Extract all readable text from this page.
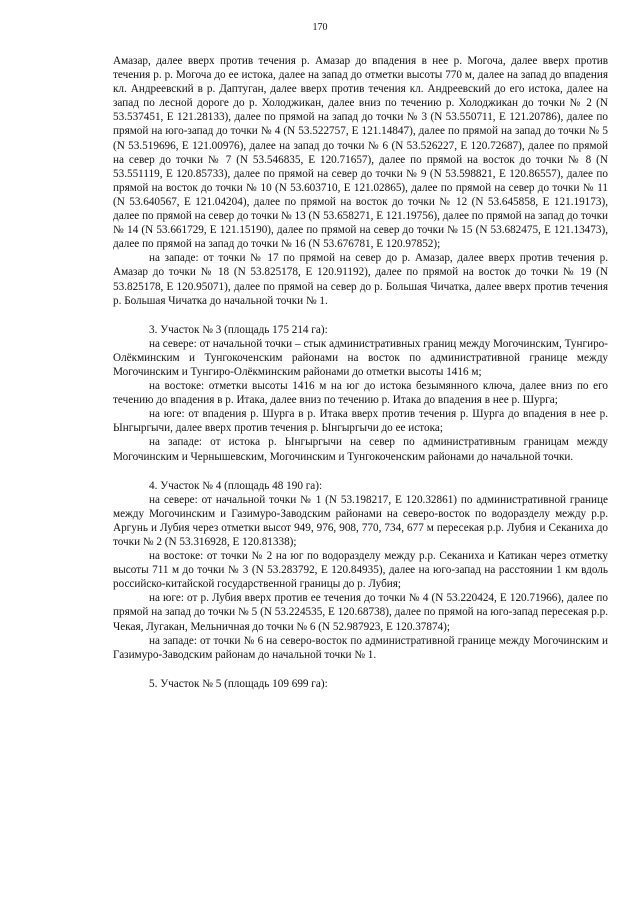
170

Амазар, далее вверх против течения р. Амазар до впадения в нее р. Могоча, далее вверх против течения р. р. Могоча до ее истока, далее на запад до отметки высоты 770 м, далее на запад до впадения кл. Андреевский в р. Даптуган, далее вверх против течения кл. Андреевский до его истока, далее на запад по лесной дороге до р. Холоджикан, далее вниз по течению р. Холоджикан до точки № 2 (N 53.537451, E 121.28133), далее по прямой на запад до точки № 3 (N 53.550711, E 121.20786), далее по прямой на юго-запад до точки № 4 (N 53.522757, E 121.14847), далее по прямой на запад до точки № 5 (N 53.519696, E 121.00976), далее на запад до точки № 6 (N 53.526227, E 120.72687), далее по прямой на север до точки № 7 (N 53.546835, E 120.71657), далее по прямой на восток до точки № 8 (N 53.551119, E 120.85733), далее по прямой на север до точки № 9 (N 53.598821, E 120.86557), далее по прямой на восток до точки № 10 (N 53.603710, E 121.02865), далее по прямой на север до точки № 11 (N 53.640567, E 121.04204), далее по прямой на восток до точки № 12 (N 53.645858, E 121.19173), далее по прямой на север до точки № 13 (N 53.658271, E 121.19756), далее по прямой на запад до точки № 14 (N 53.661729, E 121.15190), далее по прямой на север до точки № 15 (N 53.682475, E 121.13473), далее по прямой на запад до точки № 16 (N 53.676781, E 120.97852);

на западе: от точки № 17 по прямой на север до р. Амазар, далее вверх против течения р. Амазар до точки № 18 (N 53.825178, E 120.91192), далее по прямой на восток до точки № 19 (N 53.825178, E 120.95071), далее по прямой на север до р. Большая Чичатка, далее вверх против течения р. Большая Чичатка до начальной точки № 1.

3. Участок № 3 (площадь 175 214 га):

на севере: от начальной точки – стык административных границ между Могочинским, Тунгиро-Олёкминским и Тунгокоченским районами на восток по административной границе между Могочинским и Тунгиро-Олёкминским районами до отметки высоты 1416 м;

на востоке: отметки высоты 1416 м на юг до истока безымянного ключа, далее вниз по его течению до впадения в р. Итака, далее вниз по течению р. Итака до впадения в нее р. Шурга;

на юге: от впадения р. Шурга в р. Итака вверх против течения р. Шурга до впадения в нее р. Ынгыргычи, далее вверх против течения р. Ынгыргычи до ее истока;

на западе: от истока р. Ынгыргычи на север по административным границам между Могочинским и Чернышевским, Могочинским и Тунгокоченским районами до начальной точки.

4. Участок № 4 (площадь 48 190 га):

на севере: от начальной точки № 1 (N 53.198217, E 120.32861) по административной границе между Могочинским и Газимуро-Заводским районами на северо-восток по водоразделу между р.р. Аргунь и Лубия через отметки высот 949, 976, 908, 770, 734, 677 м пересекая р.р. Лубия и Секаниха до точки № 2 (N 53.316928, E 120.81338);

на востоке: от точки № 2 на юг по водоразделу между р.р. Секаниха и Катикан через отметку высоты 711 м до точки № 3 (N 53.283792, E 120.84935), далее на юго-запад на расстоянии 1 км вдоль российско-китайской государственной границы до р. Лубия;

на юге: от р. Лубия вверх против ее течения до точки № 4 (N 53.220424, E 120.71966), далее по прямой на запад до точки № 5 (N 53.224535, E 120.68738), далее по прямой на юго-запад пересекая р.р. Чекая, Лугакан, Мельничная до точки № 6 (N 52.987923, E 120.37874);

на западе: от точки № 6 на северо-восток по административной границе между Могочинским и Газимуро-Заводским районам до начальной точки № 1.

5. Участок № 5 (площадь 109 699 га):
